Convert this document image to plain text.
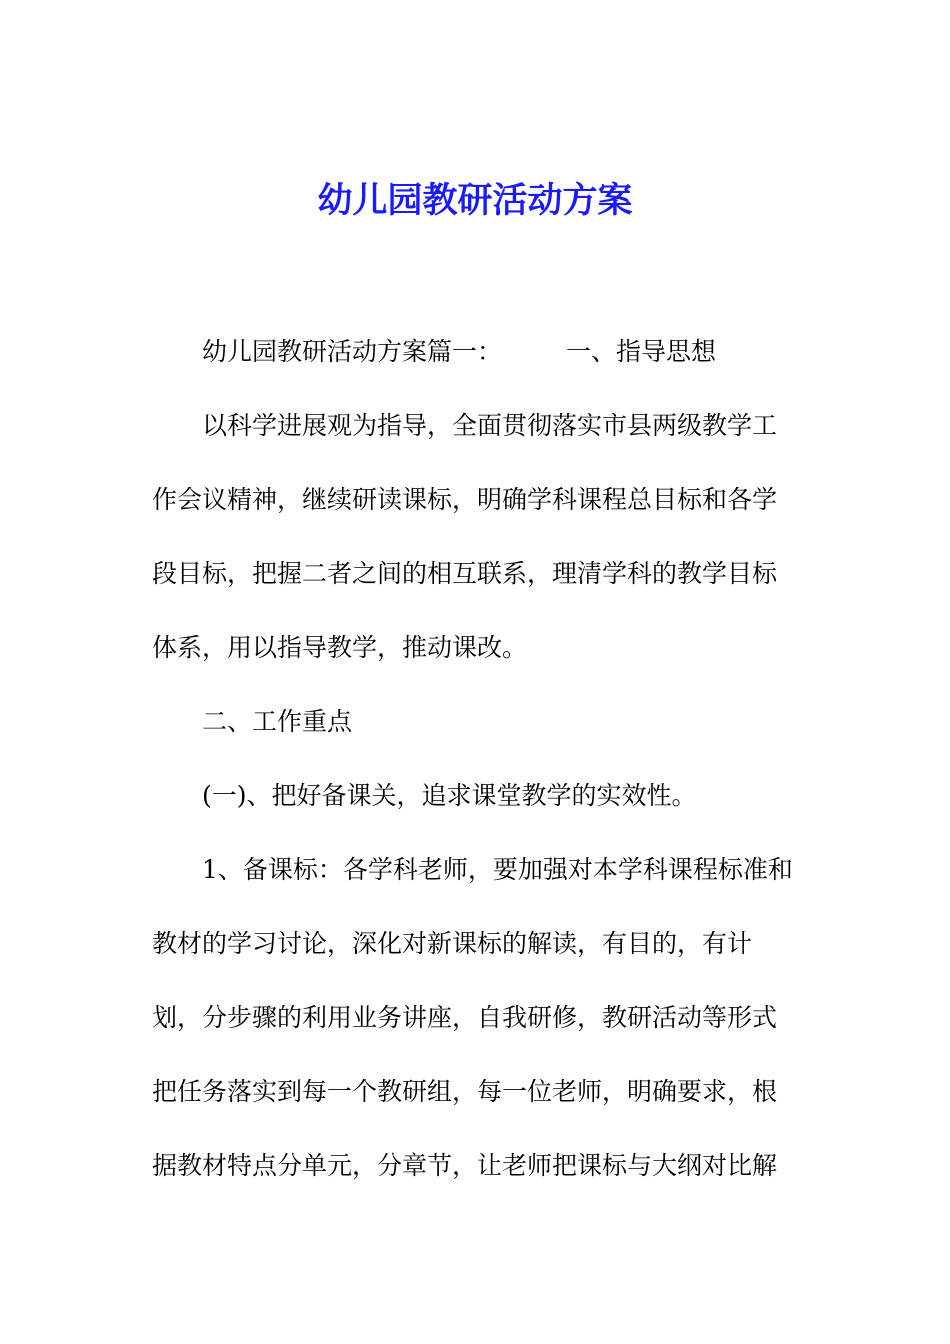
幼儿园教研活动方案
幼儿园教研活动方案篇一：	一、指导思想
以科学进展观为指导，全面贯彻落实市县两级教学工
作会议精神，继续研读课标，明确学科课程总目标和各学
段目标，把握二者之间的相互联系，理清学科的教学目标
体系，用以指导教学，推动课改。
二、工作重点
(一)、把好备课关，追求课堂教学的实效性。
1、备课标：各学科老师，要加强对本学科课程标准和
教材的学习讨论，深化对新课标的解读，有目的，有计
划，分步骤的利用业务讲座，自我研修，教研活动等形式
把任务落实到每一个教研组，每一位老师，明确要求，根
据教材特点分单元，分章节，让老师把课标与大纲对比解
